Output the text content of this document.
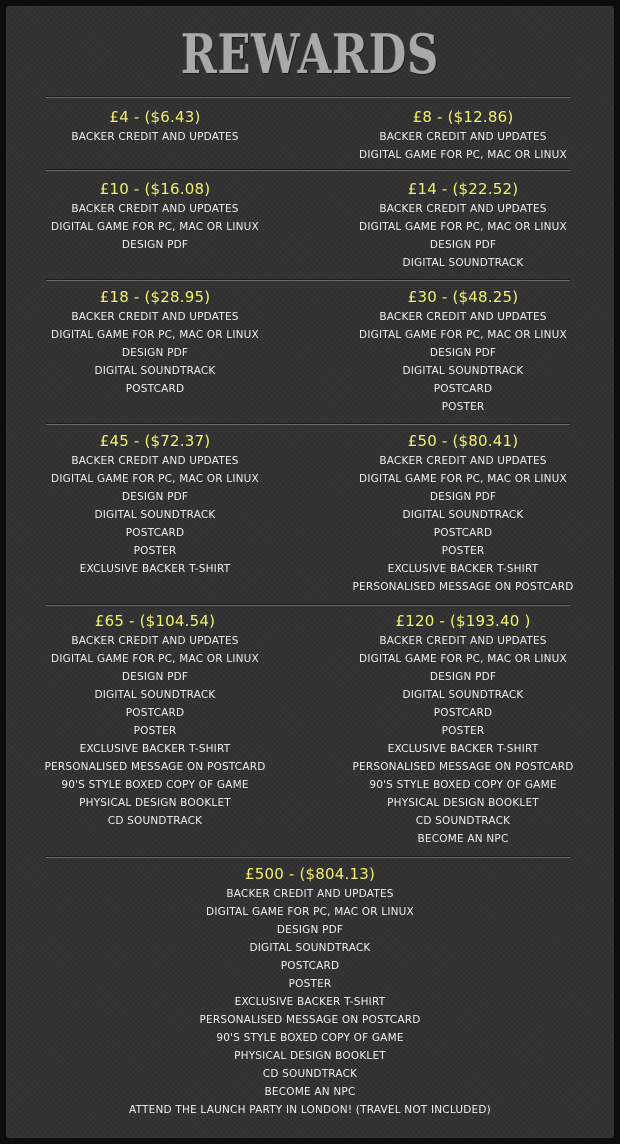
REWARDS
£4 - ($6.43)
BACKER CREDIT AND UPDATES
£8 - ($12.86)
BACKER CREDIT AND UPDATES
DIGITAL GAME FOR PC, MAC OR LINUX
£10 - ($16.08)
BACKER CREDIT AND UPDATES
DIGITAL GAME FOR PC, MAC OR LINUX
DESIGN PDF
£14 - ($22.52)
BACKER CREDIT AND UPDATES
DIGITAL GAME FOR PC, MAC OR LINUX
DESIGN PDF
DIGITAL SOUNDTRACK
£18 - ($28.95)
BACKER CREDIT AND UPDATES
DIGITAL GAME FOR PC, MAC OR LINUX
DESIGN PDF
DIGITAL SOUNDTRACK
POSTCARD
£30 - ($48.25)
BACKER CREDIT AND UPDATES
DIGITAL GAME FOR PC, MAC OR LINUX
DESIGN PDF
DIGITAL SOUNDTRACK
POSTCARD
POSTER
£45 - ($72.37)
BACKER CREDIT AND UPDATES
DIGITAL GAME FOR PC, MAC OR LINUX
DESIGN PDF
DIGITAL SOUNDTRACK
POSTCARD
POSTER
EXCLUSIVE BACKER T-SHIRT
£50 - ($80.41)
BACKER CREDIT AND UPDATES
DIGITAL GAME FOR PC, MAC OR LINUX
DESIGN PDF
DIGITAL SOUNDTRACK
POSTCARD
POSTER
EXCLUSIVE BACKER T-SHIRT
PERSONALISED MESSAGE ON POSTCARD
£65 - ($104.54)
BACKER CREDIT AND UPDATES
DIGITAL GAME FOR PC, MAC OR LINUX
DESIGN PDF
DIGITAL SOUNDTRACK
POSTCARD
POSTER
EXCLUSIVE BACKER T-SHIRT
PERSONALISED MESSAGE ON POSTCARD
90'S STYLE BOXED COPY OF GAME
PHYSICAL DESIGN BOOKLET
CD SOUNDTRACK
£120 - ($193.40 )
BACKER CREDIT AND UPDATES
DIGITAL GAME FOR PC, MAC OR LINUX
DESIGN PDF
DIGITAL SOUNDTRACK
POSTCARD
POSTER
EXCLUSIVE BACKER T-SHIRT
PERSONALISED MESSAGE ON POSTCARD
90'S STYLE BOXED COPY OF GAME
PHYSICAL DESIGN BOOKLET
CD SOUNDTRACK
BECOME AN NPC
£500 - ($804.13)
BACKER CREDIT AND UPDATES
DIGITAL GAME FOR PC, MAC OR LINUX
DESIGN PDF
DIGITAL SOUNDTRACK
POSTCARD
POSTER
EXCLUSIVE BACKER T-SHIRT
PERSONALISED MESSAGE ON POSTCARD
90'S STYLE BOXED COPY OF GAME
PHYSICAL DESIGN BOOKLET
CD SOUNDTRACK
BECOME AN NPC
ATTEND THE LAUNCH PARTY IN LONDON! (TRAVEL NOT INCLUDED)
